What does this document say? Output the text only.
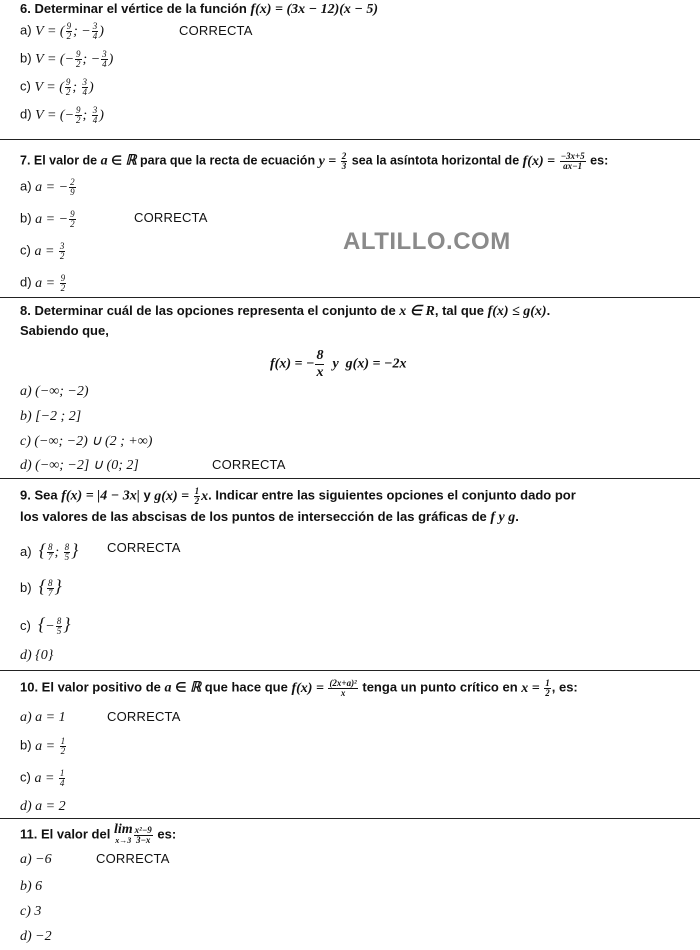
ALTILLO.COM
6. Determinar el vértice de la función f(x) = (3x − 12)(x − 5)
a) V = ( $\frac{9}{2}$ ; − $\frac{3}{4}$ )	CORRECTA
b) V = (− $\frac{9}{2}$ ; − $\frac{3}{4}$ )
c) V = ( $\frac{9}{2}$ ; $\frac{3}{4}$ )
d) V = (− $\frac{9}{2}$ ; $\frac{3}{4}$ )
7. El valor de a ∈ ℝ para que la recta de ecuación $y = \frac{2}{3}$ sea la asíntota horizontal de $f(x) = \frac{-3x+5}{ax-1}$ es:
a) a = − $\frac{2}{9}$
b) a = − $\frac{9}{2}$	CORRECTA
c) $a = \frac{3}{2}$
d) $a = \frac{9}{2}$
8. Determinar cuál de las opciones representa el conjunto de x ∈ R, tal que f(x) ≤ g(x).
Sabiendo que,
f(x) = − $\frac{8}{x}$ y g(x) = −2x
a) (−∞; −2)
b) [−2 ; 2]
c) (−∞; −2) ∪ (2 ; +∞)
d) (−∞; −2] ∪ (0; 2]	CORRECTA
9. Sea f(x) = |4 − 3x| y $g(x) = \frac{1}{2} x$. Indicar entre las siguientes opciones el conjunto dado por
los valores de las abscisas de los puntos de intersección de las gráficas de f y g.
a)  { $\frac{8}{7}$ ; $\frac{8}{5}$ } CORRECTA
b)  { $\frac{8}{7}$ }
c)  {− $\frac{8}{5}$ }
d) {0}
10. El valor positivo de a ∈ ℝ que hace que $f(x) = \frac{\text{(2x+a)²}}{x}$ tenga un punto crítico en $x = \frac{1}{2}$ , es:
a) a = 1	CORRECTA
b) $a = \frac{1}{2}$
c) $a = \frac{1}{4}$
d) a = 2
11. El valor del lim
$x\to 3 \frac{\text{x²−9}}{3-x}$ es:
a) −6	CORRECTA
b) 6
c) 3
d) −2
